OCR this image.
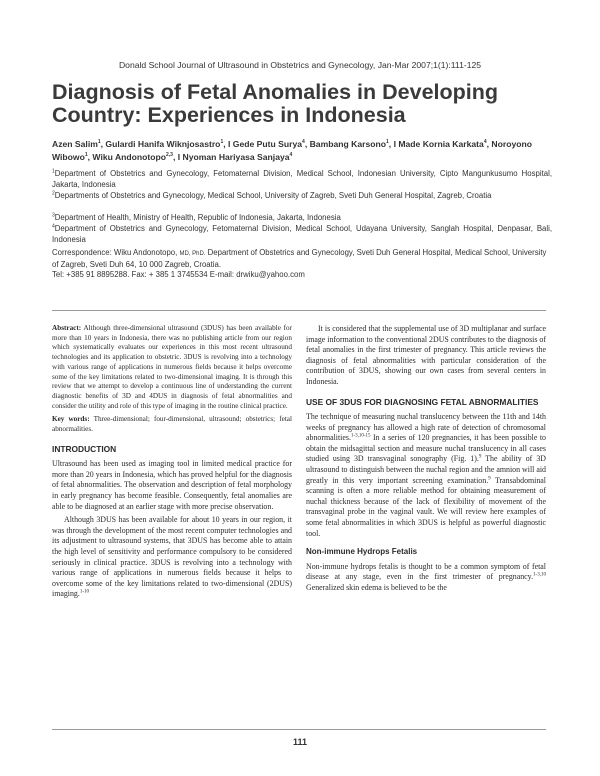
Donald School Journal of Ultrasound in Obstetrics and Gynecology, Jan-Mar 2007;1(1):111-125
Diagnosis of Fetal Anomalies in Developing Country: Experiences in Indonesia

Azen Salim$^1$, Gulardi Hanifa Wiknjosastro$^1$, I Gede Putu Surya$^4$, Bambang Karsono$^1$, I Made Kornia Karkata$^4$, Noroyono Wibowo$^1$, Wiku Andonotopo$^{2,3}$, I Nyoman Hariyasa Sanjaya$^4$

$^1$Department of Obstetrics and Gynecology, Fetomaternal Division, Medical School, Indonesian University, Cipto Mangunkusumo Hospital, Jakarta, Indonesia
$^2$Departments of Obstetrics and Gynecology, Medical School, University of Zagreb, Sveti Duh General Hospital, Zagreb, Croatia
$^3$Department of Health, Ministry of Health, Republic of Indonesia, Jakarta, Indonesia
$^4$Department of Obstetrics and Gynecology, Fetomaternal Division, Medical School, Udayana University, Sanglah Hospital, Denpasar, Bali, Indonesia
Correspondence: Wiku Andonotopo, MD, PhD. Department of Obstetrics and Gynecology, Sveti Duh General Hospital, Medical School, University of Zagreb, Sveti Duh 64, 10 000 Zagreb, Croatia.
Tel: +385 91 8895288. Fax: + 385 1 3745534 E-mail: drwiku@yahoo.com

Abstract: Although three-dimensional ultrasound (3DUS) has been available for more than 10 years in Indonesia, there was no publishing article from our region which systematically evaluates our experiences in this most recent ultrasound technologies and its application to obstetric. 3DUS is revolving into a technology with various range of applications in numerous fields because it helps overcome some of the key limitations related to two-dimensional imaging. It is through this review that we attempt to develop a continuous line of understanding the current diagnostic benefits of 3D and 4DUS in diagnosis of fetal abnormalities and consider the utility and role of this type of imaging in the routine clinical practice.

Key words: Three-dimensional; four-dimensional, ultrasound; obstetrics; fetal abnormalities.

INTRODUCTION

Ultrasound has been used as imaging tool in limited medical practice for more than 20 years in Indonesia, which has proved helpful for the diagnosis of fetal abnormalities. The observation and description of fetal morphology in early pregnancy has become feasible. Consequently, fetal anomalies are able to be diagnosed at an earlier stage with more precise observation.

Although 3DUS has been available for about 10 years in our region, it was through the development of the most recent computer technologies and its adjustment to ultrasound systems, that 3DUS has become able to attain the high level of sensitivity and performance compulsory to be considered seriously in clinical practice. 3DUS is revolving into a technology with various range of applications in numerous fields because it helps to overcome some of the key limitations related to two-dimensional (2DUS) imaging.$^{1-10}$

It is considered that the supplemental use of 3D multiplanar and surface image information to the conventional 2DUS contributes to the diagnosis of fetal anomalies in the first trimester of pregnancy. This article reviews the diagnosis of fetal abnormalities with particular consideration of the contribution of 3DUS, showing our own cases from several centers in Indonesia.

USE OF 3DUS FOR DIAGNOSING FETAL ABNORMALITIES

The technique of measuring nuchal translucency between the 11th and 14th weeks of pregnancy has allowed a high rate of detection of chromosomal abnormalities.$^{1-3,10-15}$ In a series of 120 pregnancies, it has been possible to obtain the midsagittal section and measure nuchal translucency in all cases studied using 3D transvaginal sonography (Fig. 1).$^9$ The ability of 3D ultrasound to distinguish between the nuchal region and the amnion will aid greatly in this very important screening examination.$^9$ Transabdominal scanning is often a more reliable method for obtaining measurement of nuchal thickness because of the lack of flexibility of movement of the transvaginal probe in the vaginal vault. We will review here examples of some fetal abnormalities in which 3DUS is helpful as powerful diagnostic tool.

Non-immune Hydrops Fetalis

Non-immune hydrops fetalis is thought to be a common symptom of fetal disease at any stage, even in the first trimester of pregnancy.$^{1-3,10}$ Generalized skin edema is believed to be the

111
